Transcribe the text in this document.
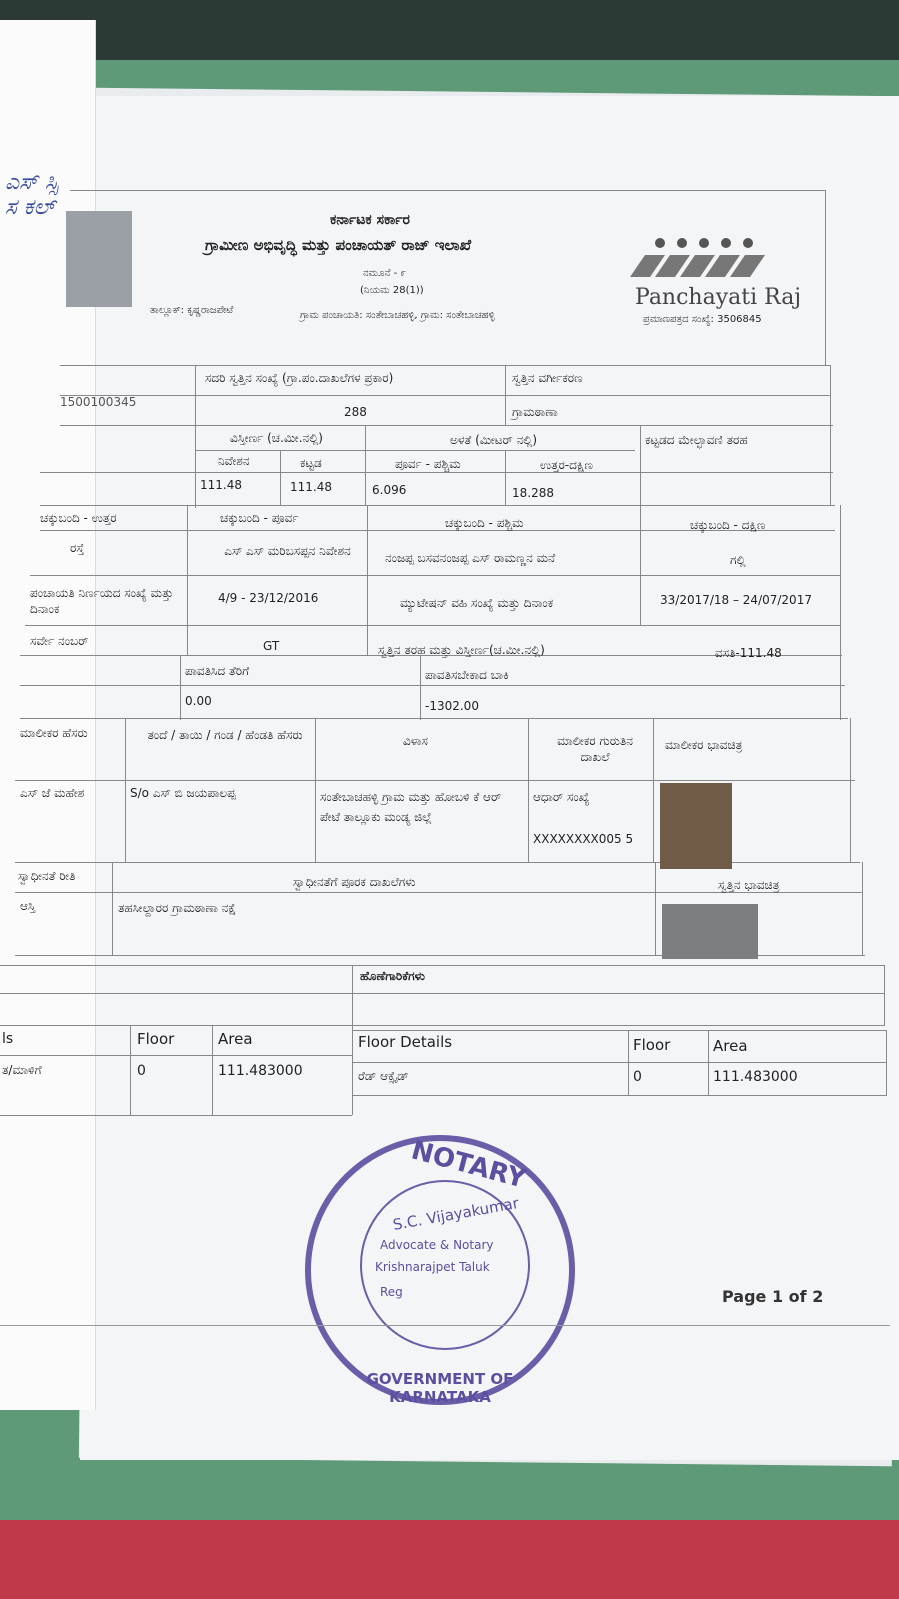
ಎಸ್ ಸ್ಸಿ
ಸ ಕಲ್	ಕರ್ನಾಟಕ ಸರ್ಕಾರ
ಗ್ರಾಮೀಣ ಅಭಿವೃದ್ಧಿ ಮತ್ತು ಪಂಚಾಯತ್ ರಾಜ್ ಇಲಾಖೆ
ನಮೂನೆ - ೯
(ನಿಯಮ 28(1))
ತಾಲ್ಲೂಕ್: ಕೃಷ್ಣರಾಜಪೇಟೆ	ಗ್ರಾಮ ಪಂಚಾಯತಿ: ಸಂತೇಬಾಚಹಳ್ಳಿ, ಗ್ರಾಮ: ಸಂತೇಬಾಚಹಳ್ಳಿ	ಪ್ರಮಾಣಪತ್ರದ ಸಂಖ್ಯೆ: 3506845
Panchayati Raj
ಸದರಿ ಸ್ವತ್ತಿನ ಸಂಖ್ಯೆ (ಗ್ರಾ.ಪಂ.ದಾಖಲೆಗಳ ಪ್ರಕಾರ)	ಸ್ವತ್ತಿನ ವರ್ಗೀಕರಣ
1500100345
288	ಗ್ರಾಮಠಾಣಾ
ವಿಸ್ತೀರ್ಣ (ಚ.ಮೀ.ನಲ್ಲಿ)	ಅಳತೆ (ಮೀಟರ್ ನಲ್ಲಿ)	ಕಟ್ಟಡದ ಮೇಲ್ಛಾವಣಿ ತರಹ
ನಿವೇಶನ	ಕಟ್ಟಡ	ಪೂರ್ವ - ಪಶ್ಚಿಮ	ಉತ್ತರ-ದಕ್ಷಿಣ
111.48	111.48	6.096	18.288
ಚಕ್ಕುಬಂದಿ - ಉತ್ತರ	ಚಕ್ಕುಬಂದಿ - ಪೂರ್ವ	ಚಕ್ಕುಬಂದಿ - ಪಶ್ಚಿಮ	ಚಕ್ಕುಬಂದಿ - ದಕ್ಷಿಣ
ರಸ್ತೆ	ಎಸ್ ಎಸ್ ಮರಿಬಸಪ್ಪನ ನಿವೇಶನ	ನಂಜಪ್ಪ ಬಸವನಂಜಪ್ಪ ಎಸ್ ರಾಮಣ್ಣನ ಮನೆ	ಗಲ್ಲಿ
ಪಂಚಾಯತಿ ನಿರ್ಣಯದ ಸಂಖ್ಯೆ ಮತ್ತು ದಿನಾಂಕ
4/9 - 23/12/2016	ಮ್ಯುಟೇಷನ್ ವಹಿ ಸಂಖ್ಯೆ ಮತ್ತು ದಿನಾಂಕ	33/2017/18 – 24/07/2017
ಸರ್ವೇ ನಂಬರ್	GT	ಸ್ವತ್ತಿನ ತರಹ ಮತ್ತು ವಿಸ್ತೀರ್ಣ(ಚ.ಮೀ.ನಲ್ಲಿ)	ವಸತಿ-111.48
ಪಾವತಿಸಿದ ತೆರಿಗೆ	ಪಾವತಿಸಬೇಕಾದ ಬಾಕಿ
0.00	-1302.00
ಮಾಲೀಕರ ಹೆಸರು	ತಂದೆ / ತಾಯಿ / ಗಂಡ / ಹೆಂಡತಿ ಹೆಸರು	ವಿಳಾಸ	ಮಾಲೀಕರ ಗುರುತಿನ ದಾಖಲೆ
ಮಾಲೀಕರ ಭಾವಚಿತ್ರ
ಎಸ್ ಜೆ ಮಹೇಶ	S/o ಎಸ್ ಬಿ ಜಯಪಾಲಪ್ಪ	ಸಂತೇಬಾಚಹಳ್ಳಿ ಗ್ರಾಮ ಮತ್ತು ಹೋಬಳಿ ಕೆ ಆರ್ ಪೇಟೆ ತಾಲ್ಲೂಕು ಮಂಡ್ಯ ಜಿಲ್ಲೆ
ಆಧಾರ್ ಸಂಖ್ಯೆ
XXXXXXXX005 5
ಸ್ವಾಧೀನತೆ ರೀತಿ	ಸ್ವಾಧೀನತೆಗೆ ಪೂರಕ ದಾಖಲೆಗಳು	ಸ್ವತ್ತಿನ ಭಾವಚಿತ್ರ
ಆಸ್ತಿ	ತಹಸೀಲ್ದಾರರ ಗ್ರಾಮಠಾಣಾ ನಕ್ಷೆ
ಹೊಣೆಗಾರಿಕೆಗಳು
ls	Floor	Area
ತ/ಮಾಳಿಗೆ	0	111.483000
Floor Details	Floor	Area
ರೆಡ್ ಆಕ್ಸೈಡ್	0	111.483000
NOTARY
GOVERNMENT OF KARNATAKA
S.C. Vijayakumar
Advocate & Notary
Krishnarajpet Taluk
Reg	Page 1 of 2
